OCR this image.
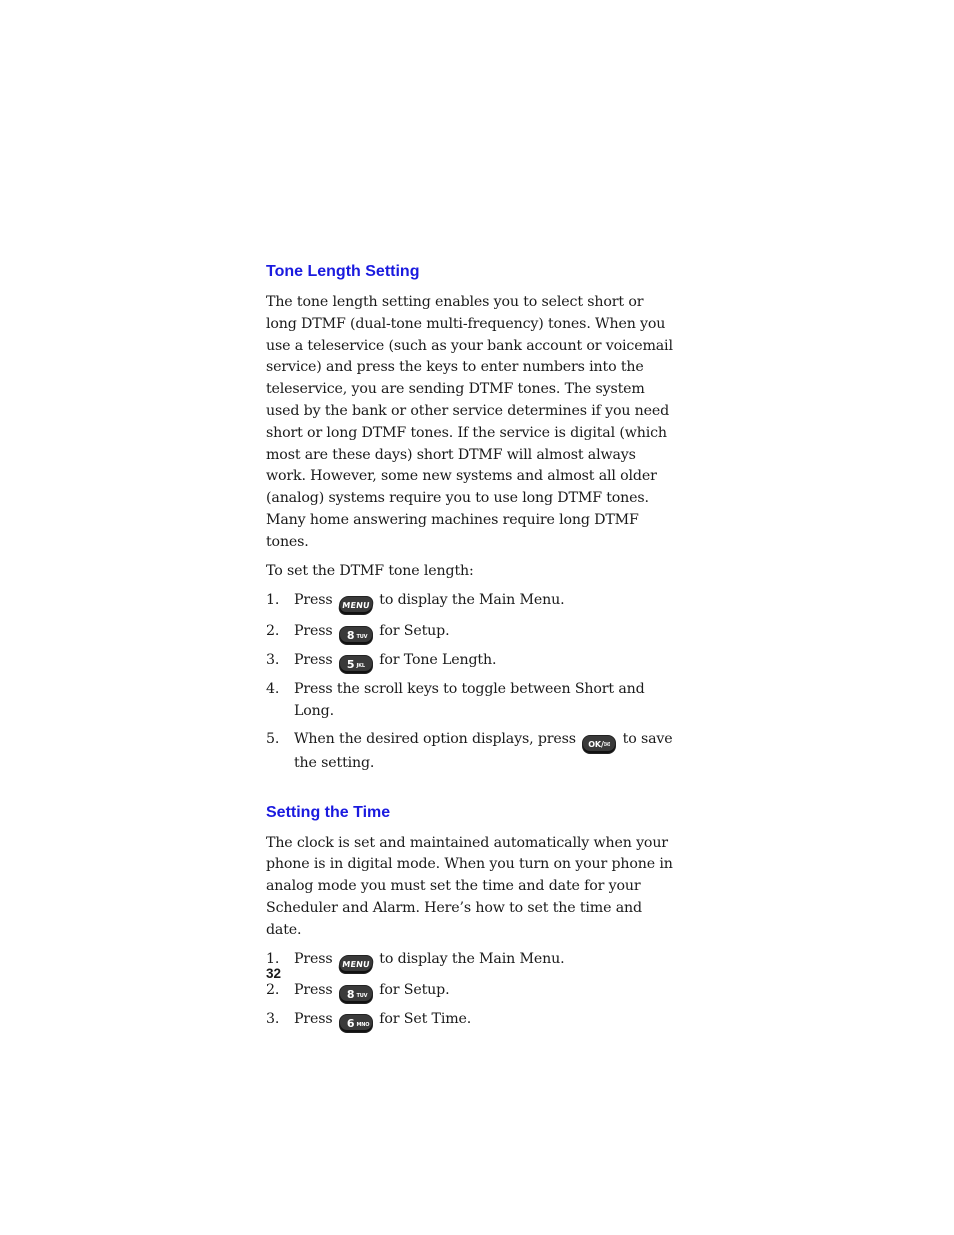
Tone Length Setting

The tone length setting enables you to select short or long DTMF (dual-tone multi-frequency) tones. When you use a teleservice (such as your bank account or voicemail service) and press the keys to enter numbers into the teleservice, you are sending DTMF tones. The system used by the bank or other service determines if you need short or long DTMF tones. If the service is digital (which most are these days) short DTMF will almost always work. However, some new systems and almost all older (analog) systems require you to use long DTMF tones. Many home answering machines require long DTMF tones.

To set the DTMF tone length:

1. Press MENU to display the Main Menu.
2. Press 8 TUV for Setup.
3. Press 5 JKL for Tone Length.
4. Press the scroll keys to toggle between Short and Long.
5. When the desired option displays, press OK/✉ to save the setting.
Setting the Time

The clock is set and maintained automatically when your phone is in digital mode. When you turn on your phone in analog mode you must set the time and date for your Scheduler and Alarm. Here’s how to set the time and date.

1. Press MENU to display the Main Menu.
2. Press 8 TUV for Setup.
3. Press 6 MNO for Set Time.
32
